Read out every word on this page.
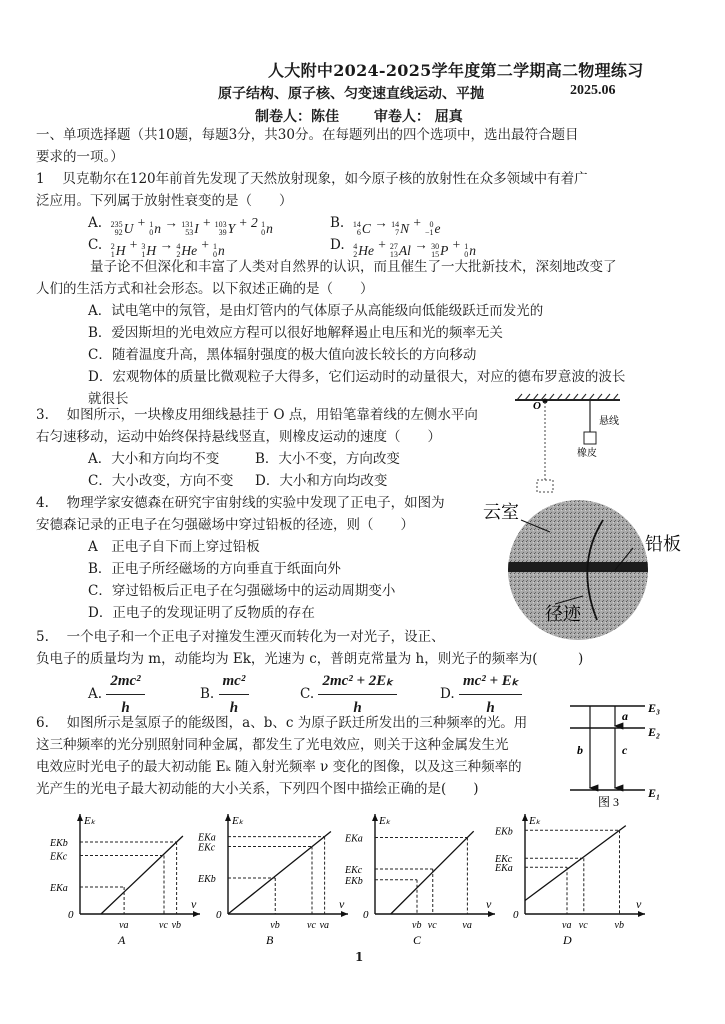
人大附中2024-2025学年度第二学期高二物理练习
原子结构、原子核、匀变速直线运动、平抛	2025.06
制卷人：陈佳 审卷人： 屈真
一、单项选择题（共10题，每题3分，共30分。在每题列出的四个选项中，选出最符合题目
要求的一项。）
1　 贝克勒尔在120年前首先发现了天然放射现象，如今原子核的放射性在众多领域中有着广
泛应用。下列属于放射性衰变的是（　　）
A. 235
92 U + 1
0 n → 131
53 I + 103
39 Y + 2 1
0 n	B. 14
6 C → 14
7 N + 0
−1 e
C. 2
1 H + 3
1 H → 4
2 He + 1
0 n	D. 4
2 He + 27
13 Al → 30
15 P + 1
0 n
量子论不但深化和丰富了人类对自然界的认识，而且催生了一大批新技术，深刻地改变了
人们的生活方式和社会形态。以下叙述正确的是（　　）
A．试电笔中的氖管，是由灯管内的气体原子从高能级向低能级跃迁而发光的
B．爱因斯坦的光电效应方程可以很好地解释遏止电压和光的频率无关
C．随着温度升高，黑体辐射强度的极大值向波长较长的方向移动
D．宏观物体的质量比微观粒子大得多，它们运动时的动量很大，对应的德布罗意波的波长
就很长
3.　 如图所示，一块橡皮用细线悬挂于 O 点，用铅笔靠着线的左侧水平向
右匀速移动，运动中始终保持悬线竖直，则橡皮运动的速度（　　）
A．大小和方向均不变	B．大小不变，方向改变
C．大小改变，方向不变 D．大小和方向均改变
O
悬线
橡皮
4.　 物理学家安德森在研究宇宙射线的实验中发现了正电子，如图为
安德森记录的正电子在匀强磁场中穿过铅板的径迹，则（　　）
A　正电子自下而上穿过铅板
B．正电子所经磁场的方向垂直于纸面向外
C．穿过铅板后正电子在匀强磁场中的运动周期变小
D．正电子的发现证明了反物质的存在
云室
铅板
径迹
5.　 一个电子和一个正电子对撞发生湮灭而转化为一对光子，设正、
负电子的质量均为 m，动能均为 Ek，光速为 c，普朗克常量为 h，则光子的频率为(　　　)
A. $\frac{\text{2mc²}}{h}$	B. $\frac{\text{mc²}}{h}$	C. $\frac{\text{2mc² + 2Eₖ}}{h}$	D. $\frac{\text{mc² + Eₖ}}{h}$
6.　 如图所示是氢原子的能级图，a、b、c 为原子跃迁所发出的三种频率的光。用
这三种频率的光分别照射同种金属，都发生了光电效应，则关于这种金属发生光
电效应时光电子的最大初动能 Eₖ 随入射光频率 ν 变化的图像，以及这三种频率的
光产生的光电子最大初动能的大小关系，下列四个图中描绘正确的是(　　)
E₃
E₂
E₁
a
b	c
图 3
νa
EKa
νc
EKc
νb
EKb
Eₖ
ν
0
A
νb
EKb
νc
EKc
νa
EKa
Eₖ
ν
0
B
νb
EKb
νc
EKc
νa
EKa
Eₖ
ν
0
C
νa
EKa
νc
EKc
νb
EKb
Eₖ
ν
0
D
1
